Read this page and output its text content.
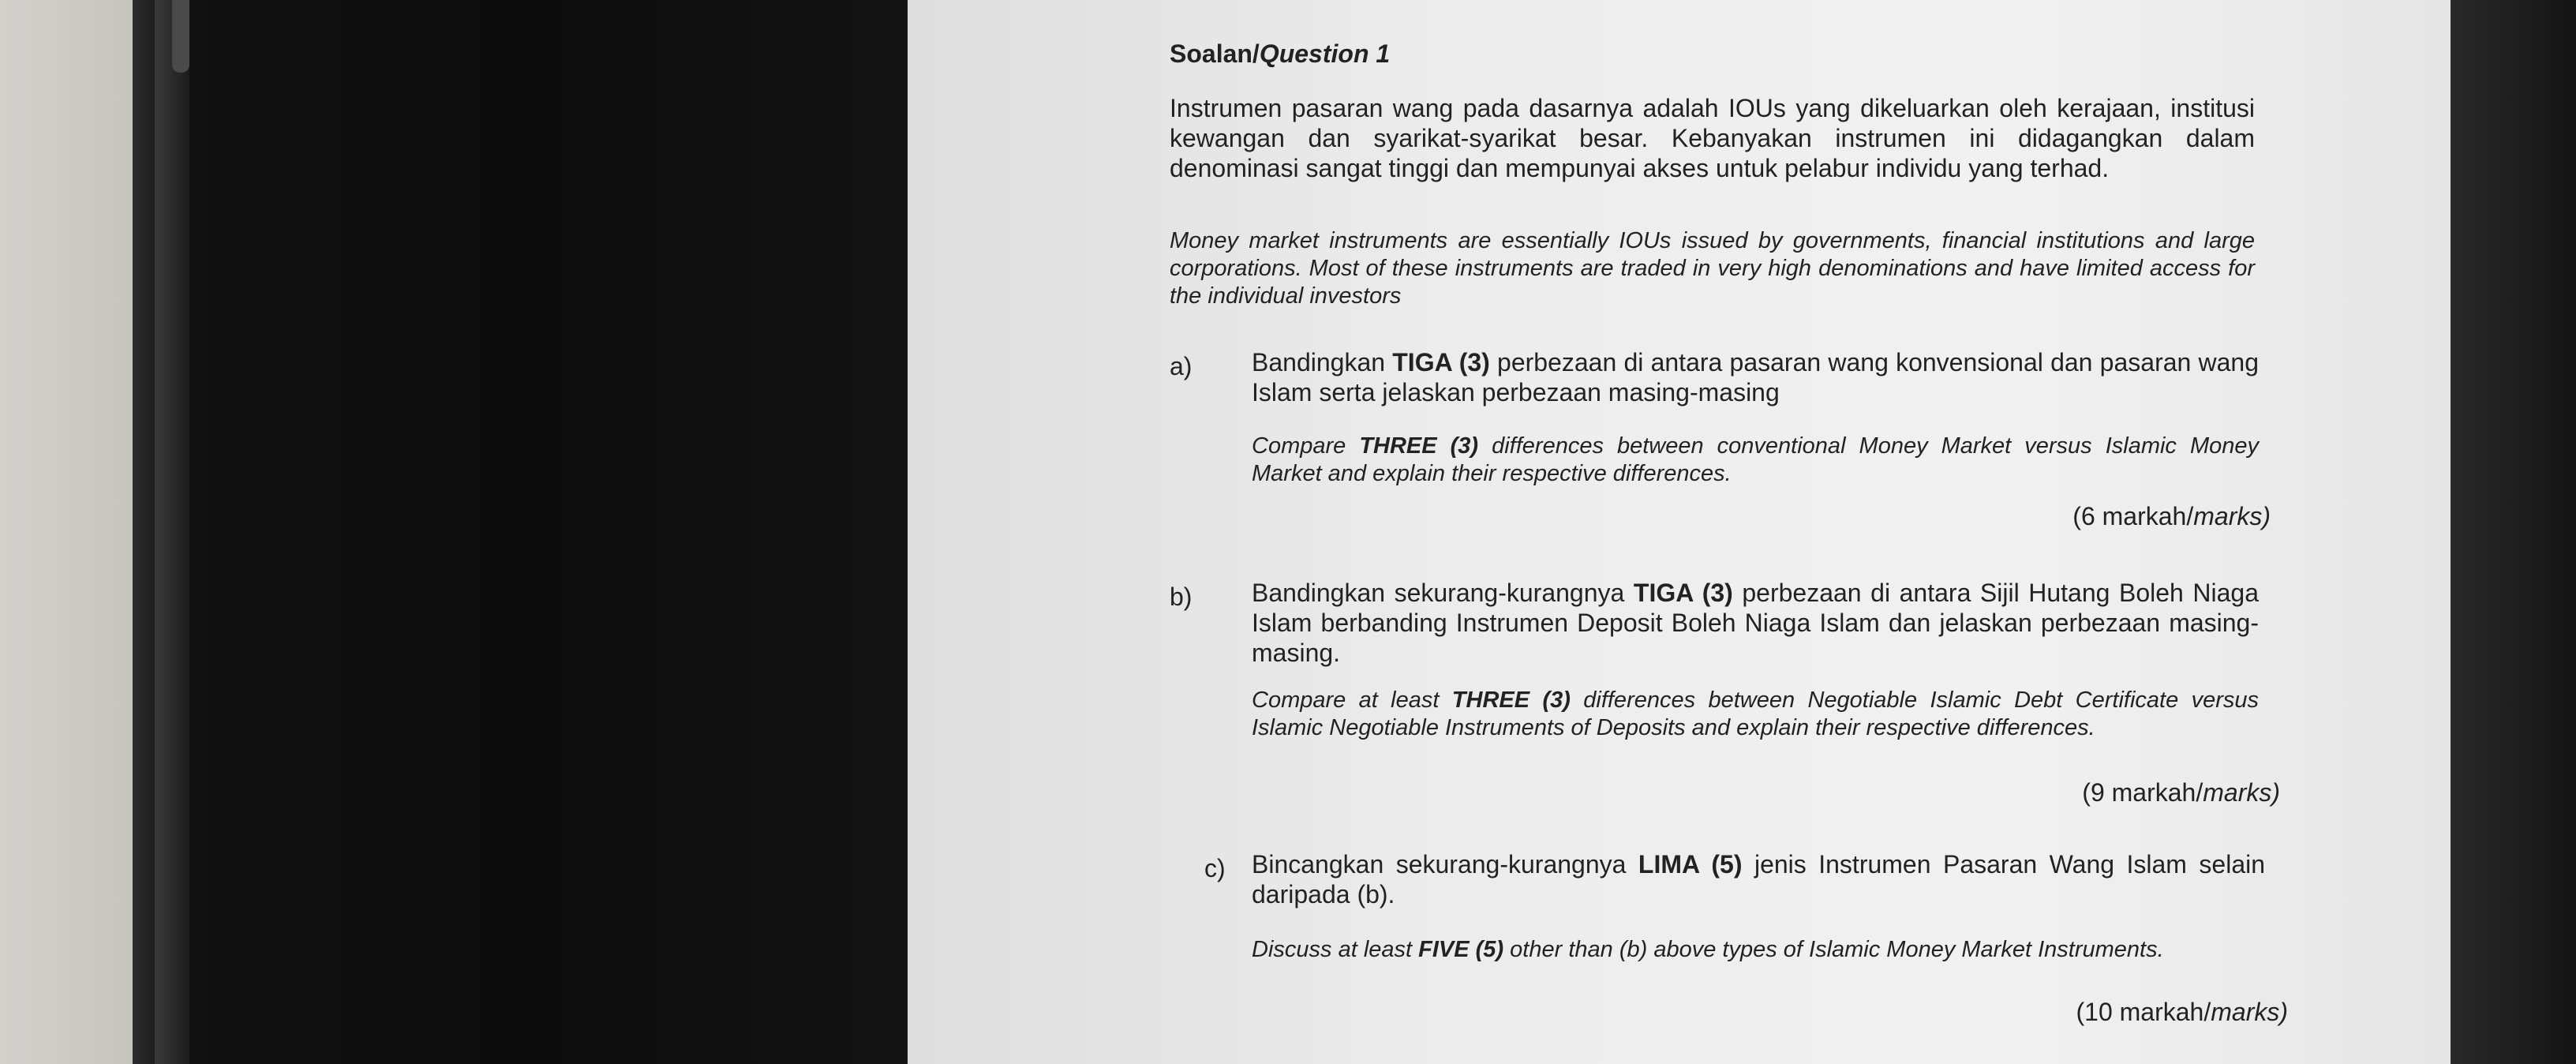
Soalan/Question 1

Instrumen pasaran wang pada dasarnya adalah IOUs yang dikeluarkan oleh kerajaan, institusi kewangan dan syarikat-syarikat besar. Kebanyakan instrumen ini didagangkan dalam denominasi sangat tinggi dan mempunyai akses untuk pelabur individu yang terhad.

Money market instruments are essentially IOUs issued by governments, financial institutions and large corporations. Most of these instruments are traded in very high denominations and have limited access for the individual investors

a) Bandingkan TIGA (3) perbezaan di antara pasaran wang konvensional dan pasaran wang Islam serta jelaskan perbezaan masing-masing

Compare THREE (3) differences between conventional Money Market versus Islamic Money Market and explain their respective differences.

(6 markah/marks)
b) Bandingkan sekurang-kurangnya TIGA (3) perbezaan di antara Sijil Hutang Boleh Niaga Islam berbanding Instrumen Deposit Boleh Niaga Islam dan jelaskan perbezaan masing-masing.

Compare at least THREE (3) differences between Negotiable Islamic Debt Certificate versus Islamic Negotiable Instruments of Deposits and explain their respective differences.

(9 markah/marks)
c) Bincangkan sekurang-kurangnya LIMA (5) jenis Instrumen Pasaran Wang Islam selain daripada (b).

Discuss at least FIVE (5) other than (b) above types of Islamic Money Market Instruments.

(10 markah/marks)
